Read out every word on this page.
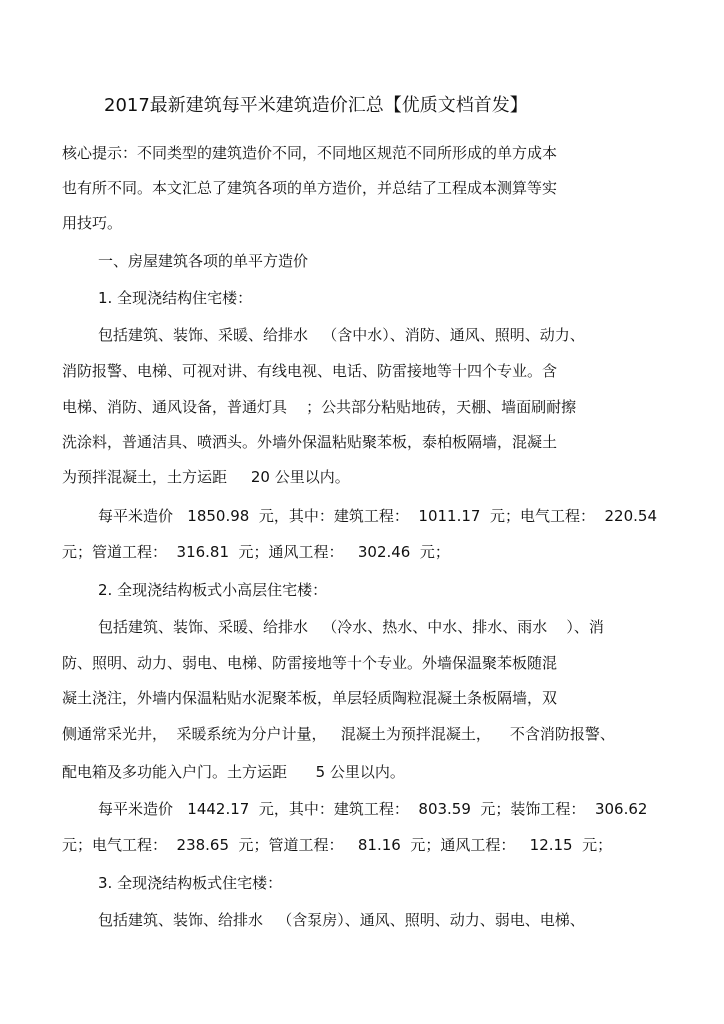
2017最新建筑每平米建筑造价汇总【优质文档首发】
核心提示：不同类型的建筑造价不同，不同地区规范不同所形成的单方成本
也有所不同。本文汇总了建筑各项的单方造价，并总结了工程成本测算等实
用技巧。
一、房屋建筑各项的单平方造价
1. 全现浇结构住宅楼：
包括建筑、装饰、采暖、给排水   （含中水）、消防、通风、照明、动力、
消防报警、电梯、可视对讲、有线电视、电话、防雷接地等十四个专业。含
电梯、消防、通风设备，普通灯具    ；公共部分粘贴地砖，天棚、墙面刷耐擦
洗涂料，普通洁具、喷洒头。外墙外保温粘贴聚苯板，泰柏板隔墙，混凝土
为预拌混凝土，土方运距     20 公里以内。
每平米造价   1850.98  元，其中：建筑工程：  1011.17  元；电气工程：  220.54
元；管道工程：  316.81  元；通风工程：   302.46  元；
2. 全现浇结构板式小高层住宅楼：
包括建筑、装饰、采暖、给排水   （冷水、热水、中水、排水、雨水    ）、消
防、照明、动力、弱电、电梯、防雷接地等十个专业。外墙保温聚苯板随混
凝土浇注，外墙内保温粘贴水泥聚苯板，单层轻质陶粒混凝土条板隔墙，双
侧通常采光井，  采暖系统为分户计量，   混凝土为预拌混凝土，    不含消防报警、
配电箱及多功能入户门。土方运距      5 公里以内。
每平米造价   1442.17  元，其中：建筑工程：  803.59  元；装饰工程：  306.62
元；电气工程：  238.65  元；管道工程：   81.16  元；通风工程：   12.15  元；
3. 全现浇结构板式住宅楼：
包括建筑、装饰、给排水   （含泵房）、通风、照明、动力、弱电、电梯、
